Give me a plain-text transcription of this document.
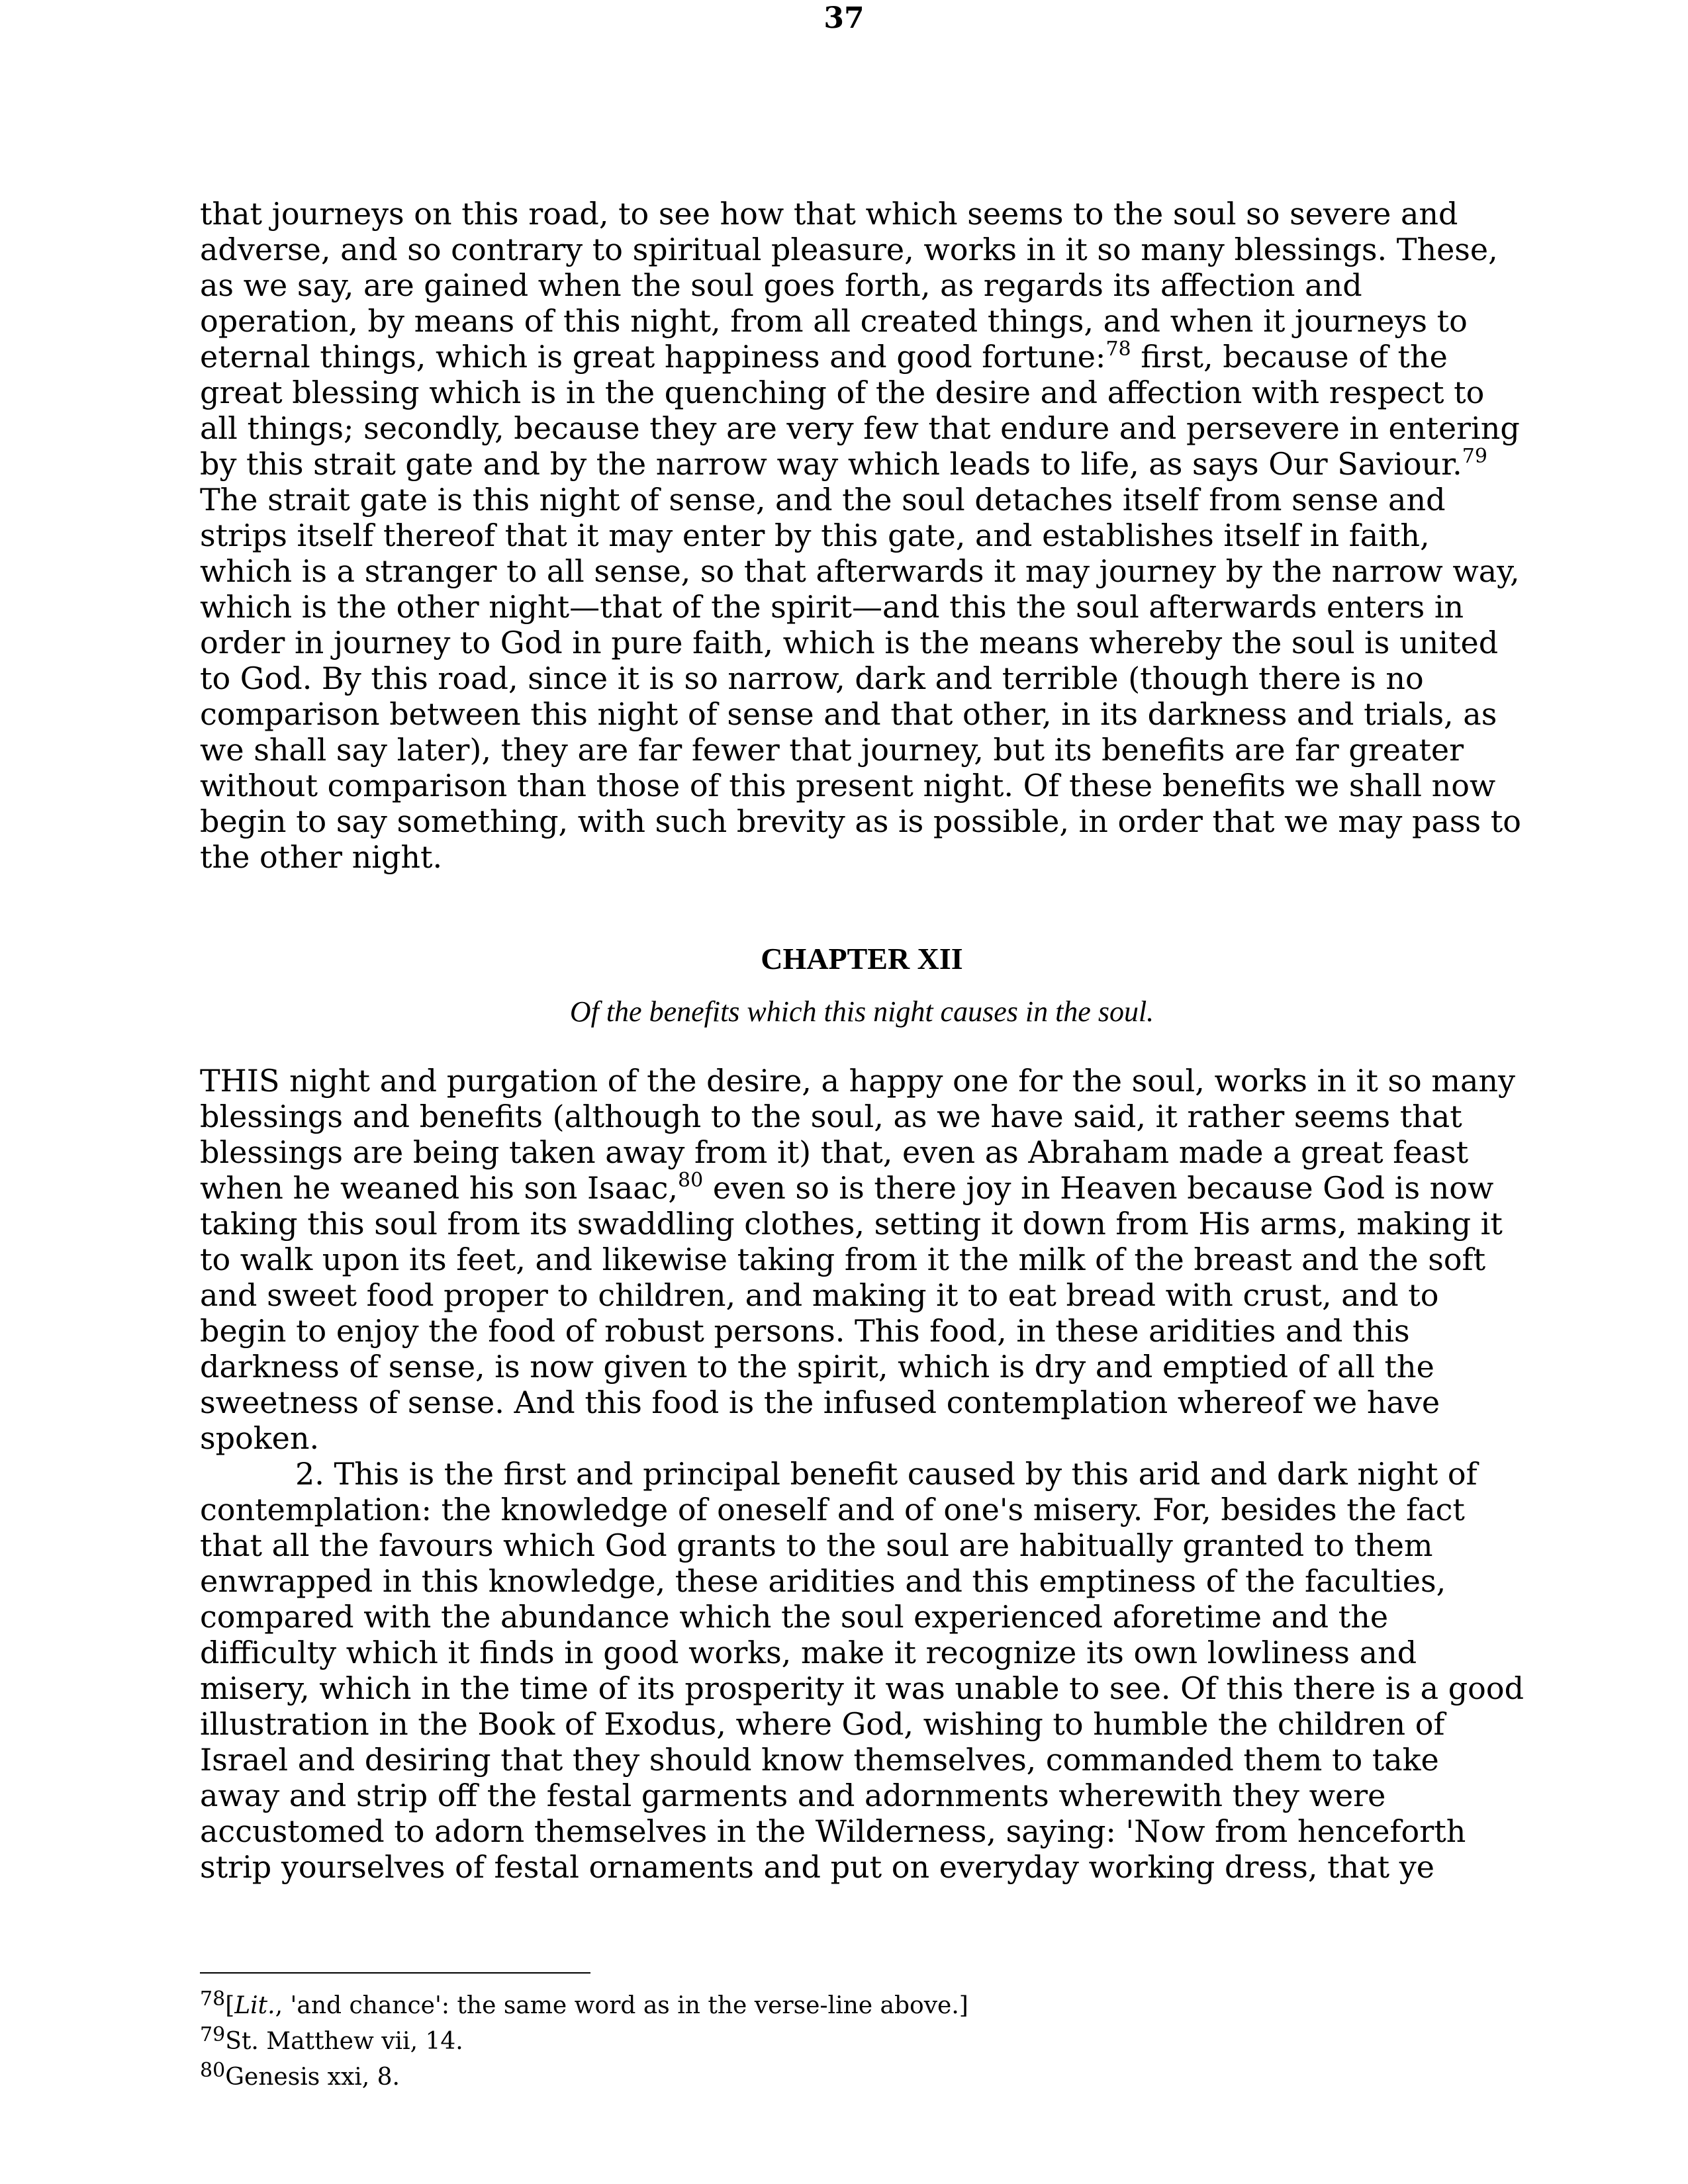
37

that journeys on this road, to see how that which seems to the soul so severe and adverse, and so contrary to spiritual pleasure, works in it so many blessings. These, as we say, are gained when the soul goes forth, as regards its affection and operation, by means of this night, from all created things, and when it journeys to eternal things, which is great happiness and good fortune:$^{78}$ first, because of the great blessing which is in the quenching of the desire and affection with respect to all things; secondly, because they are very few that endure and persevere in entering by this strait gate and by the narrow way which leads to life, as says Our Saviour.$^{79}$ The strait gate is this night of sense, and the soul detaches itself from sense and strips itself thereof that it may enter by this gate, and establishes itself in faith, which is a stranger to all sense, so that afterwards it may journey by the narrow way, which is the other night—that of the spirit—and this the soul afterwards enters in order in journey to God in pure faith, which is the means whereby the soul is united to God. By this road, since it is so narrow, dark and terrible (though there is no comparison between this night of sense and that other, in its darkness and trials, as we shall say later), they are far fewer that journey, but its benefits are far greater without comparison than those of this present night. Of these benefits we shall now begin to say something, with such brevity as is possible, in order that we may pass to the other night.

CHAPTER XII

Of the benefits which this night causes in the soul.

THIS night and purgation of the desire, a happy one for the soul, works in it so many blessings and benefits (although to the soul, as we have said, it rather seems that blessings are being taken away from it) that, even as Abraham made a great feast when he weaned his son Isaac,$^{80}$ even so is there joy in Heaven because God is now taking this soul from its swaddling clothes, setting it down from His arms, making it to walk upon its feet, and likewise taking from it the milk of the breast and the soft and sweet food proper to children, and making it to eat bread with crust, and to begin to enjoy the food of robust persons. This food, in these aridities and this darkness of sense, is now given to the spirit, which is dry and emptied of all the sweetness of sense. And this food is the infused contemplation whereof we have spoken.

2. This is the first and principal benefit caused by this arid and dark night of contemplation: the knowledge of oneself and of one's misery. For, besides the fact that all the favours which God grants to the soul are habitually granted to them enwrapped in this knowledge, these aridities and this emptiness of the faculties, compared with the abundance which the soul experienced aforetime and the difficulty which it finds in good works, make it recognize its own lowliness and misery, which in the time of its prosperity it was unable to see. Of this there is a good illustration in the Book of Exodus, where God, wishing to humble the children of Israel and desiring that they should know themselves, commanded them to take away and strip off the festal garments and adornments wherewith they were accustomed to adorn themselves in the Wilderness, saying: 'Now from henceforth strip yourselves of festal ornaments and put on everyday working dress, that ye

$^{78}$[Lit., 'and chance': the same word as in the verse-line above.]

$^{79}$St. Matthew vii, 14.

$^{80}$Genesis xxi, 8.
